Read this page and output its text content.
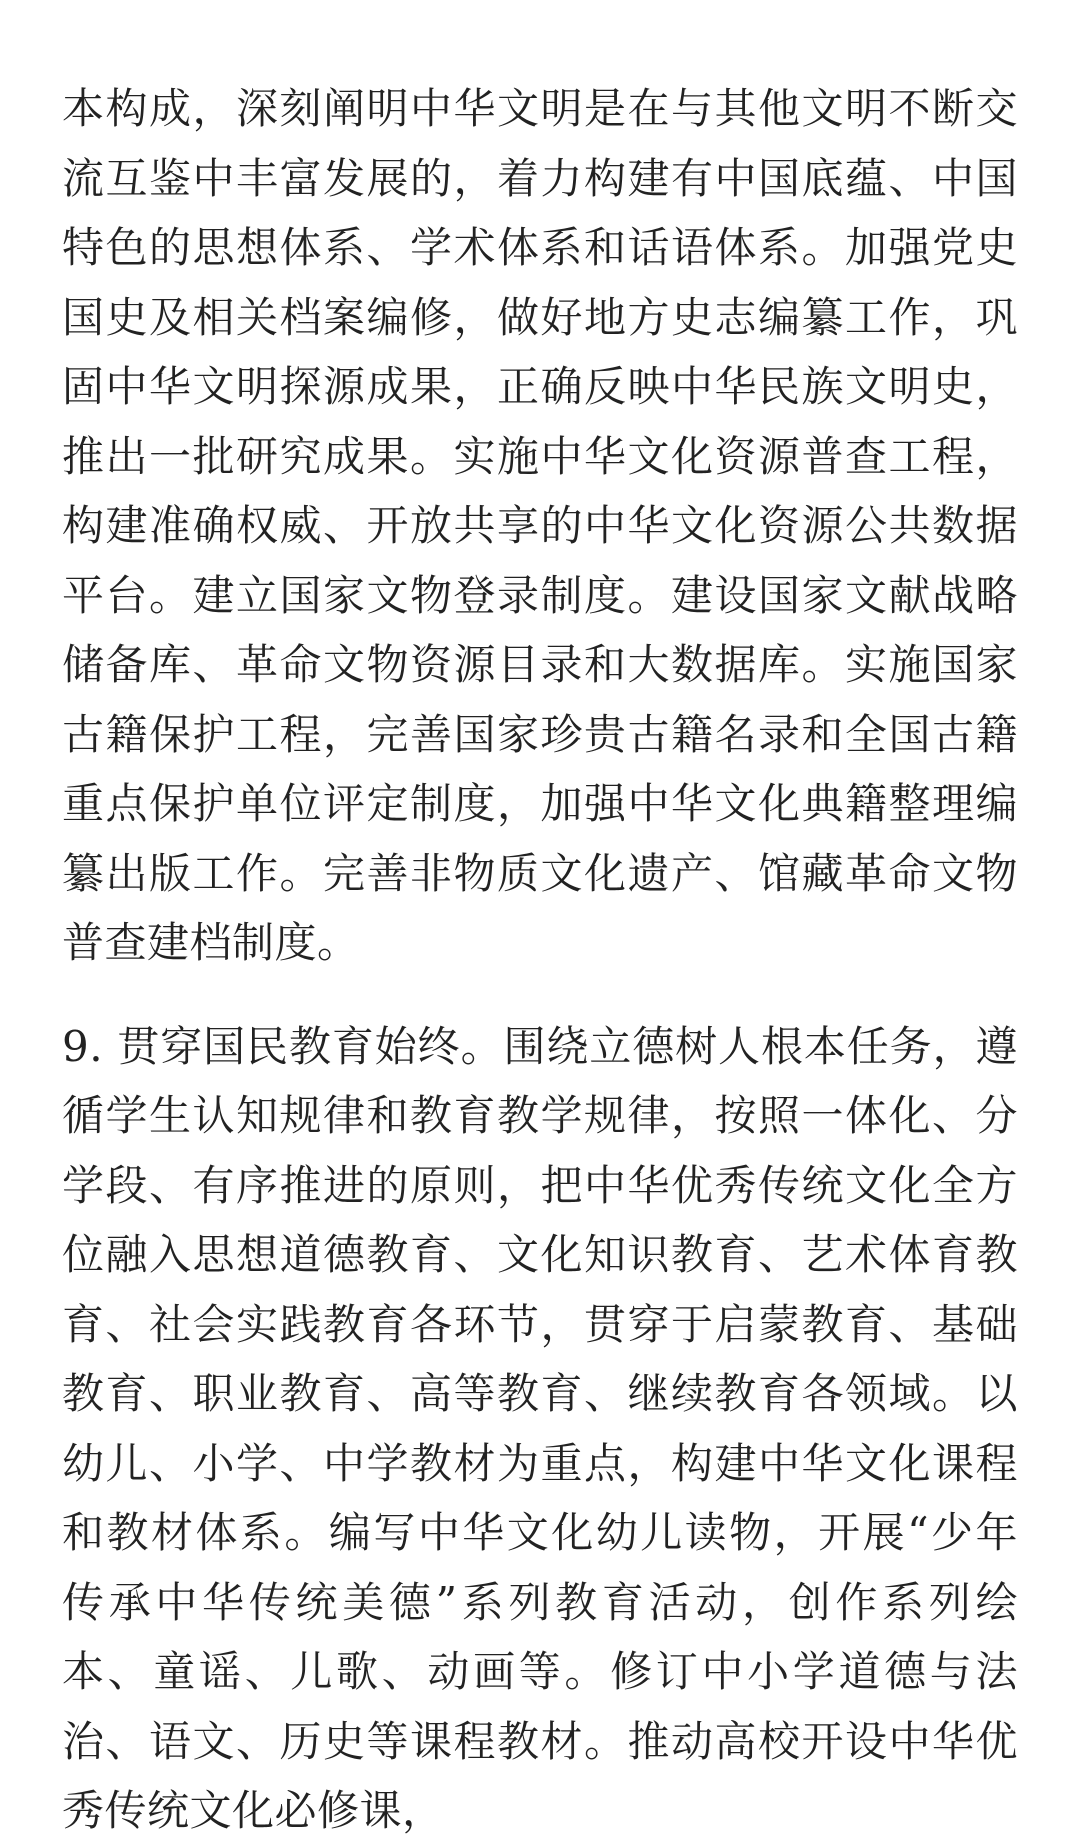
本构成，深刻阐明中华文明是在与其他文明不断交流互鉴中丰富发展的，着力构建有中国底蕴、中国特色的思想体系、学术体系和话语体系。加强党史国史及相关档案编修，做好地方史志编纂工作，巩固中华文明探源成果，正确反映中华民族文明史，推出一批研究成果。实施中华文化资源普查工程，构建准确权威、开放共享的中华文化资源公共数据平台。建立国家文物登录制度。建设国家文献战略储备库、革命文物资源目录和大数据库。实施国家古籍保护工程，完善国家珍贵古籍名录和全国古籍重点保护单位评定制度，加强中华文化典籍整理编纂出版工作。完善非物质文化遗产、馆藏革命文物普查建档制度。

9. 贯穿国民教育始终。围绕立德树人根本任务，遵循学生认知规律和教育教学规律，按照一体化、分学段、有序推进的原则，把中华优秀传统文化全方位融入思想道德教育、文化知识教育、艺术体育教育、社会实践教育各环节，贯穿于启蒙教育、基础教育、职业教育、高等教育、继续教育各领域。以幼儿、小学、中学教材为重点，构建中华文化课程和教材体系。编写中华文化幼儿读物，开展“少年传承中华传统美德”系列教育活动，创作系列绘本、童谣、儿歌、动画等。修订中小学道德与法治、语文、历史等课程教材。推动高校开设中华优秀传统文化必修课，
